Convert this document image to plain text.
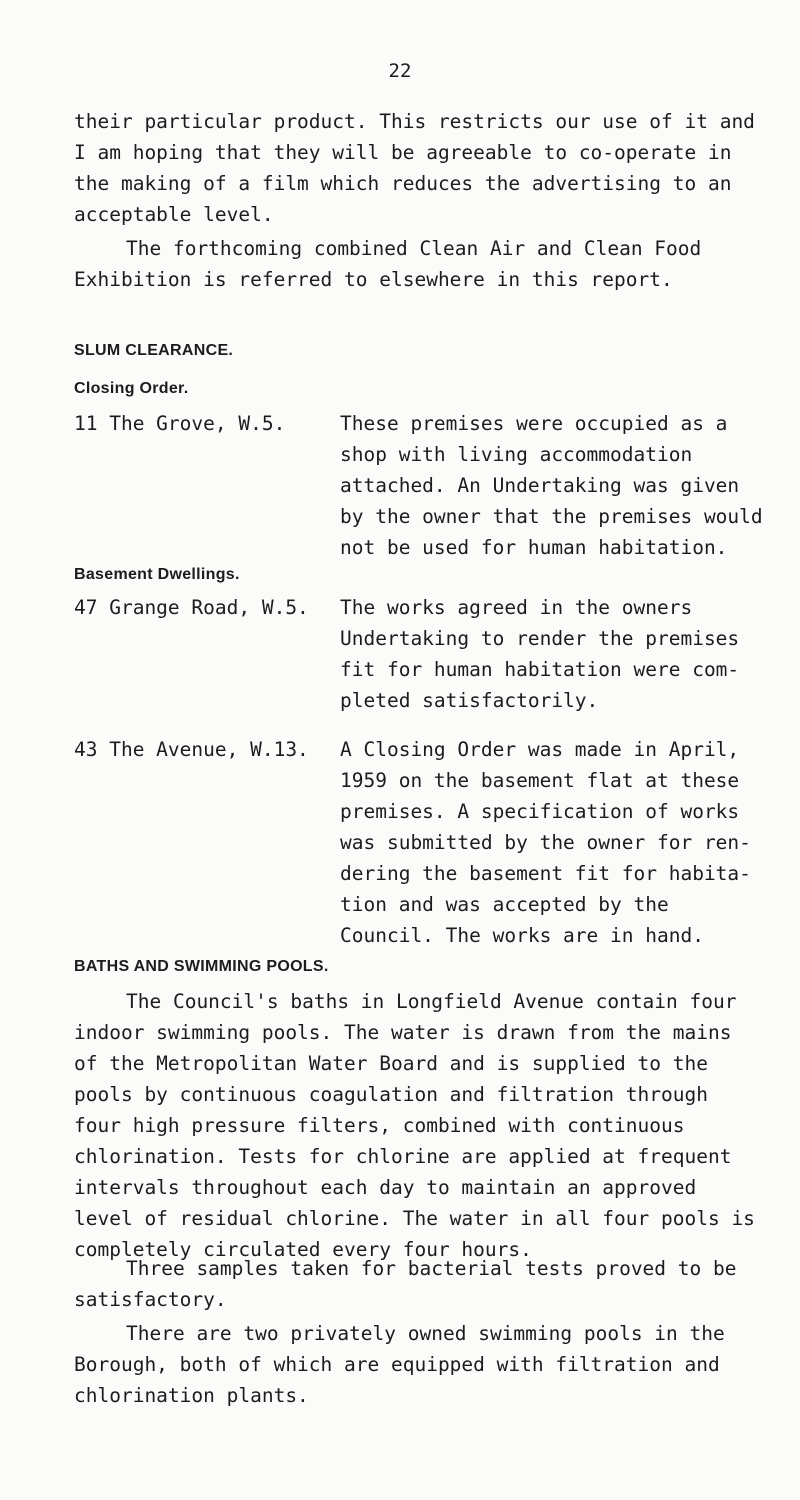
22

their particular product. This restricts our use of it and I am hoping that they will be agreeable to co-operate in the making of a film which reduces the advertising to an acceptable level.

The forthcoming combined Clean Air and Clean Food Exhibition is referred to elsewhere in this report.

SLUM CLEARANCE.
Closing Order.
11 The Grove, W.5.	These premises were occupied as a shop with living accommodation attached. An Undertaking was given by the owner that the premises would not be used for human habitation.

Basement Dwellings.
47 Grange Road, W.5. The works agreed in the owners Undertaking to render the premises fit for human habitation were com- pleted satisfactorily.

43 The Avenue, W.13. A Closing Order was made in April, 1959 on the basement flat at these premises. A specification of works was submitted by the owner for ren- dering the basement fit for habita- tion and was accepted by the Council. The works are in hand.

BATHS AND SWIMMING POOLS.

The Council's baths in Longfield Avenue contain four indoor swimming pools. The water is drawn from the mains of the Metropolitan Water Board and is supplied to the pools by continuous coagulation and filtration through four high pressure filters, combined with continuous chlorination. Tests for chlorine are applied at frequent intervals throughout each day to maintain an approved level of residual chlorine. The water in all four pools is completely circulated every four hours.

Three samples taken for bacterial tests proved to be satisfactory.

There are two privately owned swimming pools in the Borough, both of which are equipped with filtration and chlorination plants.
